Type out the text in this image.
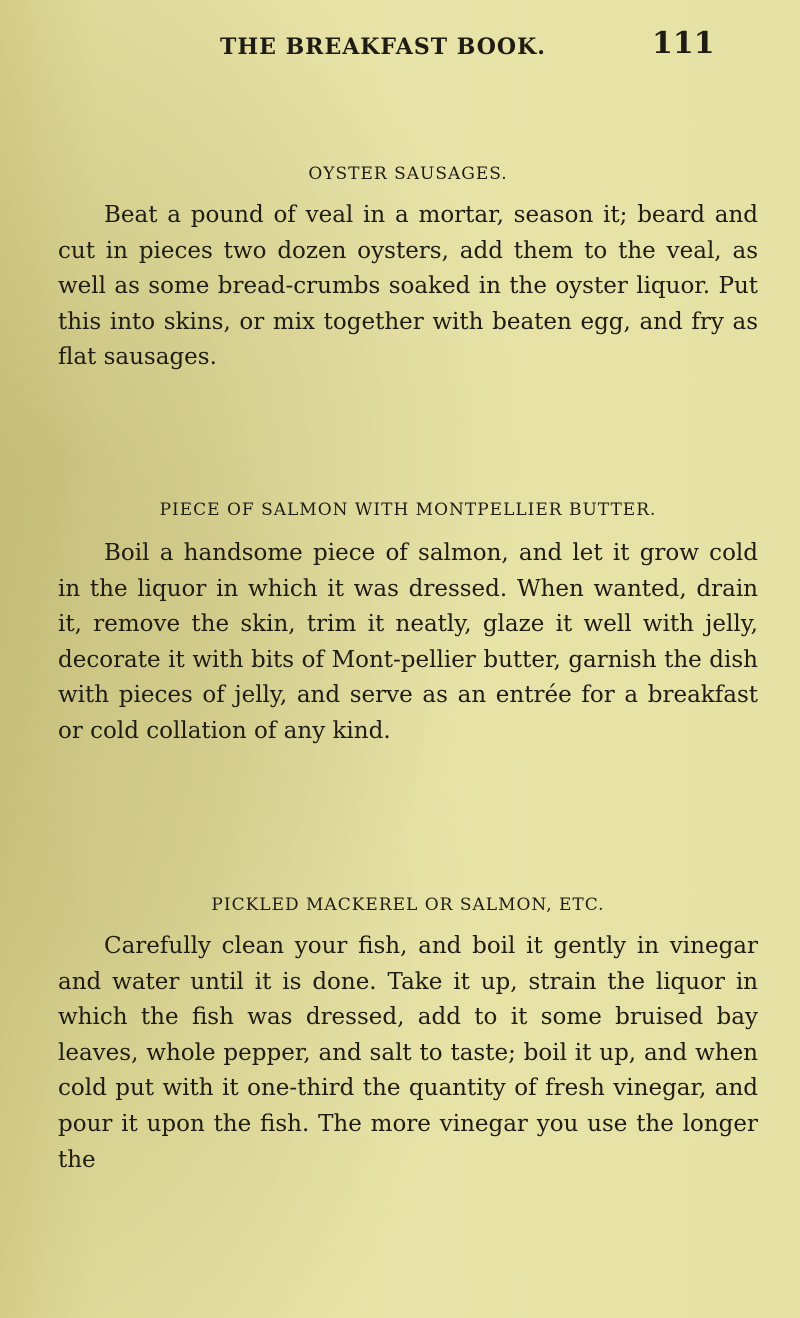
THE BREAKFAST BOOK.	111

OYSTER SAUSAGES.

Beat a pound of veal in a mortar, season it; beard and cut in pieces two dozen oysters, add them to the veal, as well as some bread-crumbs soaked in the oyster liquor. Put this into skins, or mix together with beaten egg, and fry as flat sausages.

PIECE OF SALMON WITH MONTPELLIER BUTTER.

Boil a handsome piece of salmon, and let it grow cold in the liquor in which it was dressed. When wanted, drain it, remove the skin, trim it neatly, glaze it well with jelly, decorate it with bits of Mont-pellier butter, garnish the dish with pieces of jelly, and serve as an entrée for a breakfast or cold collation of any kind.

PICKLED MACKEREL OR SALMON, ETC.

Carefully clean your fish, and boil it gently in vinegar and water until it is done. Take it up, strain the liquor in which the fish was dressed, add to it some bruised bay leaves, whole pepper, and salt to taste; boil it up, and when cold put with it one-third the quantity of fresh vinegar, and pour it upon the fish. The more vinegar you use the longer the
